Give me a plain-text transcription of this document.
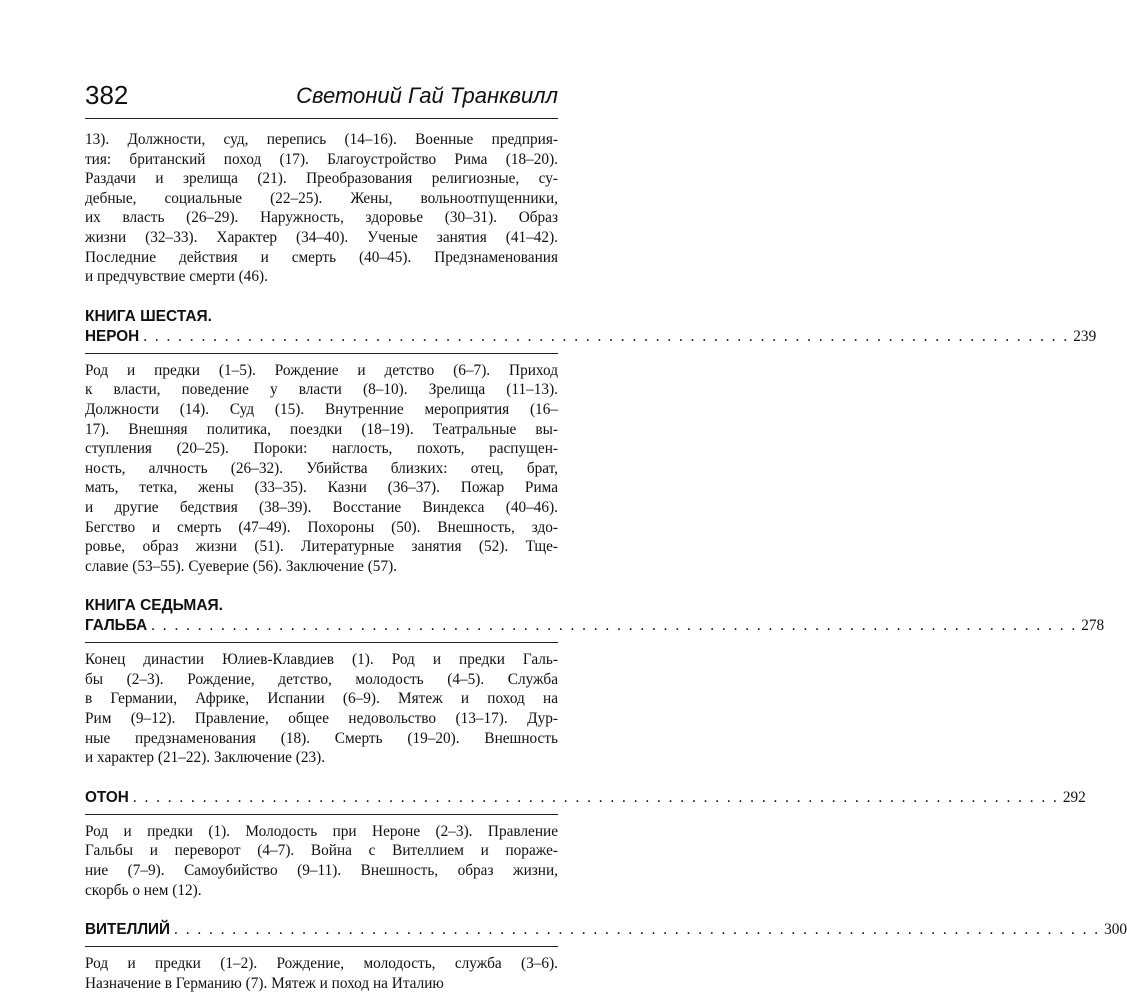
382	Светоний Гай Транквилл
13). Должности, суд, перепись (14–16). Военные предприя-
тия: британский поход (17). Благоустройство Рима (18–20).
Раздачи и зрелища (21). Преобразования религиозные, су-
дебные, социальные (22–25). Жены, вольноотпущенники,
их власть (26–29). Наружность, здоровье (30–31). Образ
жизни (32–33). Характер (34–40). Ученые занятия (41–42).
Последние действия и смерть (40–45). Предзнаменования
и предчувствие смерти (46).
КНИГА ШЕСТАЯ.
НЕРОН . . . . . . . . . . . . . . . . . . . . . . . . . . . . . . . . . . . . . . . . . . . . . . . . . . . . . . . . . . . . . . . . . . . . . . . . . . . . . . . . 239
Род и предки (1–5). Рождение и детство (6–7). Приход
к власти, поведение у власти (8–10). Зрелища (11–13).
Должности (14). Суд (15). Внутренние мероприятия (16–
17). Внешняя политика, поездки (18–19). Театральные вы-
ступления (20–25). Пороки: наглость, похоть, распущен-
ность, алчность (26–32). Убийства близких: отец, брат,
мать, тетка, жены (33–35). Казни (36–37). Пожар Рима
и другие бедствия (38–39). Восстание Виндекса (40–46).
Бегство и смерть (47–49). Похороны (50). Внешность, здо-
ровье, образ жизни (51). Литературные занятия (52). Тще-
славие (53–55). Суеверие (56). Заключение (57).
КНИГА СЕДЬМАЯ.
ГАЛЬБА . . . . . . . . . . . . . . . . . . . . . . . . . . . . . . . . . . . . . . . . . . . . . . . . . . . . . . . . . . . . . . . . . . . . . . . . . . . . . . . . 278
Конец династии Юлиев-Клавдиев (1). Род и предки Галь-
бы (2–3). Рождение, детство, молодость (4–5). Служба
в Германии, Африке, Испании (6–9). Мятеж и поход на
Рим (9–12). Правление, общее недовольство (13–17). Дур-
ные предзнаменования (18). Смерть (19–20). Внешность
и характер (21–22). Заключение (23).
ОТОН . . . . . . . . . . . . . . . . . . . . . . . . . . . . . . . . . . . . . . . . . . . . . . . . . . . . . . . . . . . . . . . . . . . . . . . . . . . . . . . . 292
Род и предки (1). Молодость при Нероне (2–3). Правление
Гальбы и переворот (4–7). Война с Вителлием и пораже-
ние (7–9). Самоубийство (9–11). Внешность, образ жизни,
скорбь о нем (12).
ВИТЕЛЛИЙ . . . . . . . . . . . . . . . . . . . . . . . . . . . . . . . . . . . . . . . . . . . . . . . . . . . . . . . . . . . . . . . . . . . . . . . . . . . . . . . . 300
Род и предки (1–2). Рождение, молодость, служба (3–6).
Назначение в Германию (7). Мятеж и поход на Италию
